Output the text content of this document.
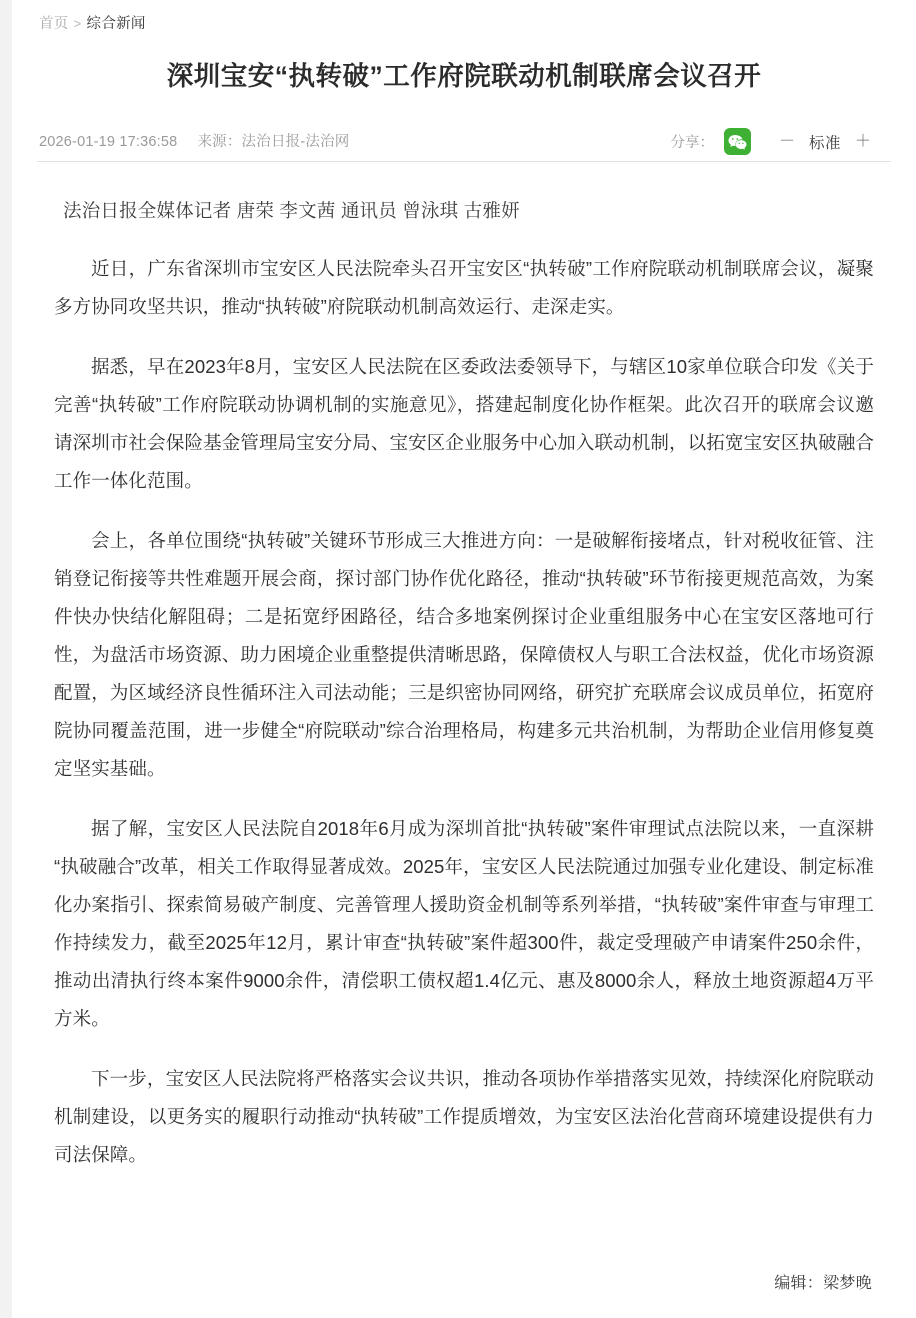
首页 > 综合新闻
深圳宝安“执转破”工作府院联动机制联席会议召开
2026-01-19 17:36:58 来源：法治日报-法治网	分享：	－ 标准 ＋

法治日报全媒体记者 唐荣 李文茜 通讯员 曾泳琪 古雅妍

近日，广东省深圳市宝安区人民法院牵头召开宝安区“执转破”工作府院联动机制联席会议，凝聚多方协同攻坚共识，推动“执转破”府院联动机制高效运行、走深走实。

据悉，早在2023年8月，宝安区人民法院在区委政法委领导下，与辖区10家单位联合印发《关于完善“执转破”工作府院联动协调机制的实施意见》，搭建起制度化协作框架。此次召开的联席会议邀请深圳市社会保险基金管理局宝安分局、宝安区企业服务中心加入联动机制，以拓宽宝安区执破融合工作一体化范围。

会上，各单位围绕“执转破”关键环节形成三大推进方向：一是破解衔接堵点，针对税收征管、注销登记衔接等共性难题开展会商，探讨部门协作优化路径，推动“执转破”环节衔接更规范高效，为案件快办快结化解阻碍；二是拓宽纾困路径，结合多地案例探讨企业重组服务中心在宝安区落地可行性，为盘活市场资源、助力困境企业重整提供清晰思路，保障债权人与职工合法权益，优化市场资源配置，为区域经济良性循环注入司法动能；三是织密协同网络，研究扩充联席会议成员单位，拓宽府院协同覆盖范围，进一步健全“府院联动”综合治理格局，构建多元共治机制，为帮助企业信用修复奠定坚实基础。

据了解，宝安区人民法院自2018年6月成为深圳首批“执转破”案件审理试点法院以来，一直深耕“执破融合”改革，相关工作取得显著成效。2025年，宝安区人民法院通过加强专业化建设、制定标准化办案指引、探索简易破产制度、完善管理人援助资金机制等系列举措，“执转破”案件审查与审理工作持续发力，截至2025年12月，累计审查“执转破”案件超300件，裁定受理破产申请案件250余件，推动出清执行终本案件9000余件，清偿职工债权超1.4亿元、惠及8000余人，释放土地资源超4万平方米。

下一步，宝安区人民法院将严格落实会议共识，推动各项协作举措落实见效，持续深化府院联动机制建设，以更务实的履职行动推动“执转破”工作提质增效，为宝安区法治化营商环境建设提供有力司法保障。

编辑：梁梦晚
